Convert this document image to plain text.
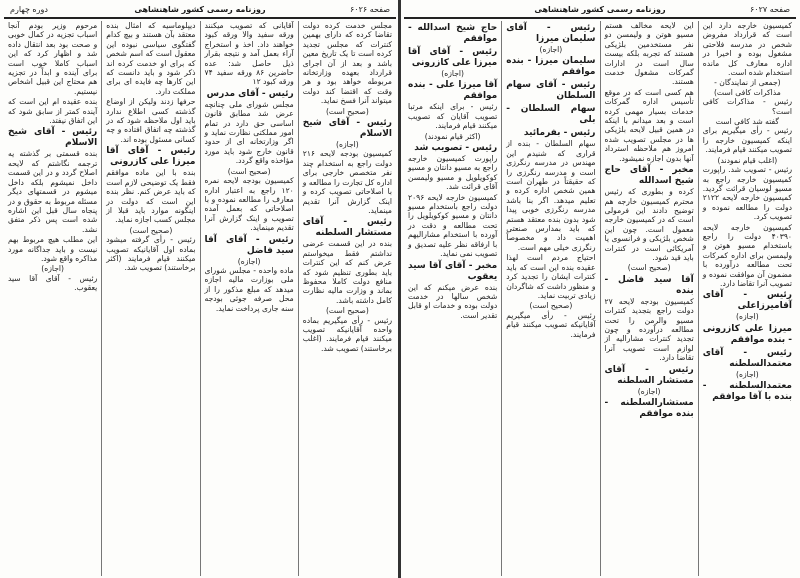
صفحه ۶۰۲۶
روزنامه رسمی کشور شاهنشاهی
دوره چهارم

مجلس خدمت کرده دولت تقاضا کرده که دارای بهمین کنترات که مجلس تجدید کرده است تا یک تاریخ معین باشد و بعد از آن اجرای قرارداد بعهده وزارتخانه مربوطه خواهد بود و هر وقت که اقتضا کند دولت میتواند آنرا فسخ نماید.

(صحیح است)

رئیس - آقای شیخ الاسلام

(اجازه)

کمیسیون بودجه لایحه ۲۱۶ دولت راجع به استخدام چند نفر متخصص خارجی برای اداره کل تجارت را مطالعه و با اصلاحاتی تصویب کرده و اینک گزارش آنرا تقدیم مینماید.

رئیس - آقای مستشار السلطنه

بنده در این قسمت عرضی نداشتم فقط میخواستم عرض کنم که این کنترات باید بطوری تنظیم شود که منافع دولت کاملا محفوظ بماند و وزارت مالیه نظارت کامل داشته باشد.

(صحیح است)

رئیس - رأی میگیریم بماده واحده آقایانیکه تصویب میکنند قیام فرمایند. (اغلب برخاستند) تصویب شد.

آقایانی که تصویب میکنند ورقه سفید والا ورقه کبود خواهند داد. اخذ و استخراج آراء بعمل آمد و نتیجه بقرار ذیل حاصل شد: عده حاضرین ۸۶ ورقه سفید ۷۴ ورقه کبود ۱۲

رئیس - آقای مدرس

مجلس شورای ملی چنانچه عرض شد مطابق قانون اساسی حق دارد در تمام امور مملکتی نظارت نماید و اگر وزارتخانه ای از حدود قانون خارج شود باید مورد مؤاخذه واقع گردد.

(صحیح است)

کمیسیون بودجه لایحه نمره ۱۲۰ راجع به اعتبار اداره معارف را مطالعه نموده و با اصلاحاتی که بعمل آمده تصویب و اینک گزارش آنرا تقدیم مینماید.

رئیس - آقای آقا سید فاضل

(اجازه)

ماده واحده - مجلس شورای ملی بوزارت مالیه اجازه میدهد که مبلغ مذکور را از محل صرفه جوئی بودجه سنه جاری پرداخت نماید.

دیپلوماسیه که امثال بنده معتقد بآن هستند و بیچ کدام گفتگوی سیاسی نبوده این معقول است که اسم شخص که برای او خدمت کرده اند ذکر شود و باید دانست که این کارها چه فایده ای برای مملکت دارد.

حرفها زدند ولیکن از اوضاع گذشته کسی اطلاع ندارد باید اول ملاحظه شود که در گذشته چه اتفاق افتاده و چه کسانی مسئول بوده اند.

رئیس - آقای آقا میرزا علی کازرونی

بنده با این ماده موافقم فقط یک توضیحی لازم است که باید عرض کنم. نظر بنده این است که دولت در اینگونه موارد باید قبلا از مجلس کسب اجازه نماید.

(صحیح است)

رئیس - رأی گرفته میشود بماده اول آقایانیکه تصویب میکنند قیام فرمایند (اکثر برخاستند) تصویب شد.

مرحوم وزیر بودم آنجا اسباب تجزیه در کمال خوبی و صحت بود بعد انتقال داده شد و اظهار کرد که این اسباب کاملا خوب است برای آینده و ابداً در تجزیه هم محتاج این قبیل اشخاص نیستیم.

بنده عقیده ام این است که آینده کمتر از سابق شود که این اتفاق نیفتد.

رئیس - آقای شیخ الاسلام

بنده قسمتی بر گذشته یه ترجمه نگاشتم که لایحه اصلاح گردد و در این قسمت داخل نمیشوم بلکه داخل میشوم در قسمتهای دیگر مسئله مربوط به حقوق و در پنجاه سال قبل این اشاره شده است پس ذکر متفق نشد.

این مطلب هیچ مربوط بهم نیست و باید جداگانه مورد مذاکره واقع شود.

(اجازه)

رئیس - آقای آقا سید یعقوب.

صفحه ۶۰۲۷
روزنامه رسمی کشور شاهنشاهی

کمیسیون خارجه دارد این است که قرارداد مفروض شخص در مدرسه فلاحتی مشغول بوده و اخیرا در اداره معارف کل مانده استخدام شده است.

(جمعی از نمایندگان - مذاکرات کافی است)

رئیس - مذاکرات کافی است؟

گفته شد کافی است

رئیس - رأی میگیریم برای اینکه کمیسیون خارجه را تصویب میکنند قیام فرمایند.

(اغلب قیام نمودند)

رئیس - تصویب شد. راپورت کمیسیون خارجه راجع به مسیو لوسیان قرائت گردید. کمیسیون خارجه لایحه ۲۱۲۲ دولت را مطالعه نموده و تصویب کرد.

کمیسیون خارجه لایحه ۴۰۳۹۰ دولت را راجع باستخدام مسیو هوتن و ولیمسن برای اداره کمرکات تحت مطالعه درآورده با مضمون آن موافقت نموده و تصویب آنرا تقاضا دارد.

رئیس - آقای آقامیرزاعلی

(اجازه)

میرزا علی کازرونی - بنده موافقم

رئیس - آقای معتمدالسلطنه

(اجازه)

معتمدالسلطنه - بنده با آقا موافقم

این لایحه مخالف هستم مسیو هوتن و ولیمسن دو نفر مستخدمین بلژیکی هستند که تجربه بلکه بیست سال است در ادارات گمرکات مشغول خدمت هستند.

هم کسی است که در موقع تأسیس اداره گمرکات خدمات بسیار مهمی کرده است و بعد میدانم با اینکه در همین قبیل لایحه بلژیکی ها در مجلس تصویب شده امروز هم ملاحظه استرداد آنها بدون اجازه نمیشود.

مخبر - آقای حاج شیخ اسدالله

کرده و بطوری که رئیس محترم کمیسیون خارجه هم توضیح دادند این فرمولی است که در کمیسیون خارجه معمول است. چون این شخص بلژیکی و فرانسوی یا آمریکائی است در کنترات باید قید شود.

(صحیح است)

آقا سید فاضل - بنده

کمیسیون بودجه لایحه ۲۷ دولت راجع بتجدید کنترات مسیو والرمن را تحت مطالعه درآورده و چون تجدید کنترات مشارالیه از لوازم است تصویب آنرا تقاضا دارد.

رئیس - آقای مستشار السلطنه

(اجازه)

مستشارالسلطنه - بنده موافقم

رئیس - آقای سلیمان میرزا

(اجازه)

سلیمان میرزا - بنده موافقم

رئیس - آقای سهام السلطان

سهام السلطان - بلی

رئیس - بفرمائید

سهام السلطان - بنده از قراری که شنیدم این مهندس در مدرسه رنگرزی است و مدرسه رنگرزی را که حقیقتاً در طهران است همین شخص اداره کرده و تعلیم میدهد. اگر بنا باشد مدرسه رنگرزی خوبی پیدا شود بدون بنده معتقد هستم که باید بمدارس صنعتی اهمیت داد و مخصوصاً رنگرزی خیلی مهم است.

احتیاج مردم است لهذا عقیده بنده این است که باید کنترات ایشان را تجدید کرد و منظور داشت که شاگردان زیادی تربیت نماید.

(صحیح است)

رئیس - رأی میگیریم آقایانیکه تصویب میکنند قیام فرمایند.

حاج شیخ اسدالله - موافقم

رئیس - آقای آقا میرزا علی کازرونی

(اجازه)

آقا میرزا علی - بنده موافقم

رئیس - برای اینکه مرتبا تصویب آقایان که تصویب میکنند قیام فرمایند.

(اکثر قیام نمودند)

رئیس - تصویب شد

راپورت کمیسیون خارجه راجع به مسیو دانتان و مسیو کوکویلویل و مسیو ولیمسن آقای قرائت شد.

کمیسیون خارجه لایحه ۲۰۹۶ دولت راجع باستخدام مسیو دانتان و مسیو کوکویلویل را تحت مطالعه و دقت در آورده با استخدام مشارالیهم با ارفاقه نظر علیه تصدیق و تصویب نمی نماید.

مخبر - آقای آقا سید یعقوب

بنده عرض میکنم که این شخص سالها در خدمت دولت بوده و خدمات او قابل تقدیر است.
